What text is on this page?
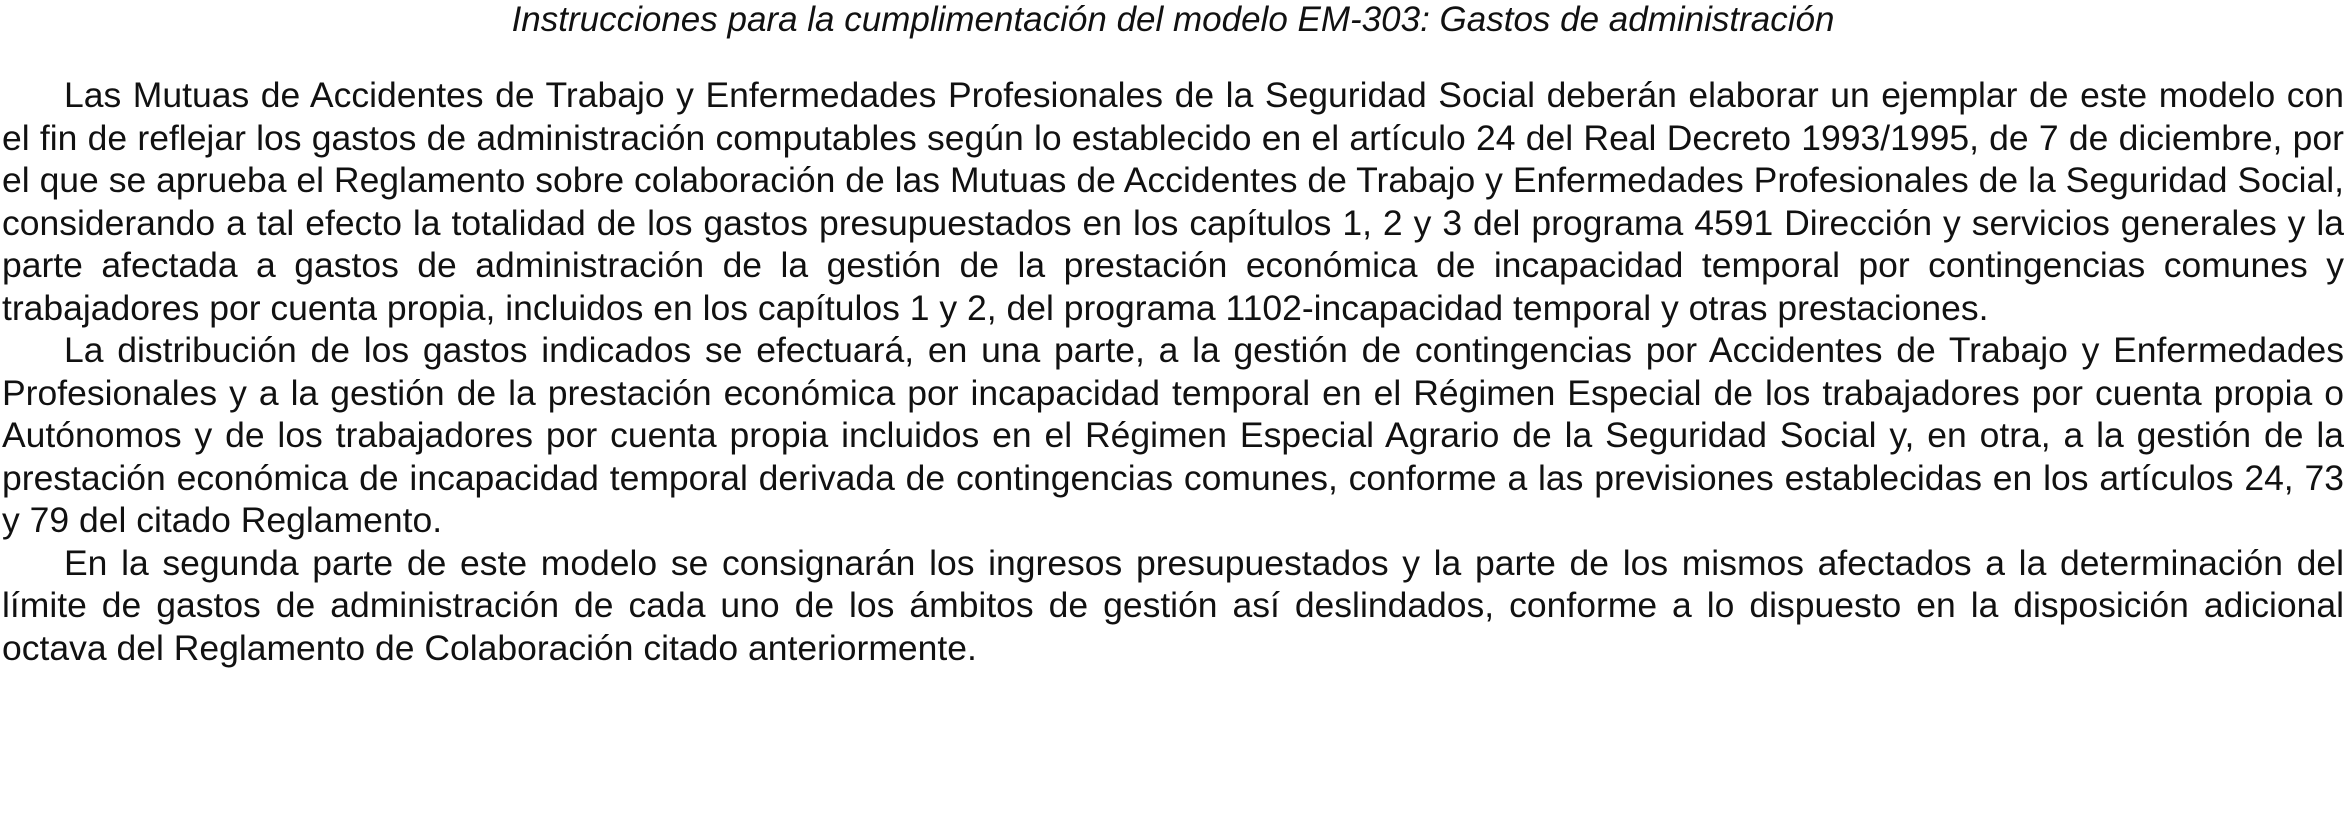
Instrucciones para la cumplimentación del modelo EM-303: Gastos de administración

Las Mutuas de Accidentes de Trabajo y Enfermedades Profesionales de la Seguridad Social deberán elaborar un ejemplar de este modelo con el fin de reflejar los gastos de administración computables según lo establecido en el artículo 24 del Real Decreto 1993/1995, de 7 de diciembre, por el que se aprueba el Reglamento sobre colaboración de las Mutuas de Accidentes de Trabajo y Enfermedades Profesionales de la Seguridad Social, considerando a tal efecto la totalidad de los gastos presupuestados en los capítulos 1, 2 y 3 del programa 4591 Dirección y servicios generales y la parte afectada a gastos de administración de la gestión de la prestación económica de incapacidad temporal por contingencias comunes y trabajadores por cuenta propia, incluidos en los capítulos 1 y 2, del programa 1102-incapacidad temporal y otras prestaciones.

La distribución de los gastos indicados se efectuará, en una parte, a la gestión de contingencias por Accidentes de Trabajo y Enfermedades Profesionales y a la gestión de la prestación económica por incapacidad temporal en el Régimen Especial de los trabajadores por cuenta propia o Autónomos y de los trabajadores por cuenta propia incluidos en el Régimen Especial Agrario de la Seguridad Social y, en otra, a la gestión de la prestación económica de incapacidad temporal derivada de contingencias comunes, conforme a las previsiones establecidas en los artículos 24, 73 y 79 del citado Reglamento.

En la segunda parte de este modelo se consignarán los ingresos presupuestados y la parte de los mismos afectados a la determinación del límite de gastos de administración de cada uno de los ámbitos de gestión así deslindados, conforme a lo dispuesto en la disposición adicional octava del Reglamento de Colaboración citado anteriormente.
